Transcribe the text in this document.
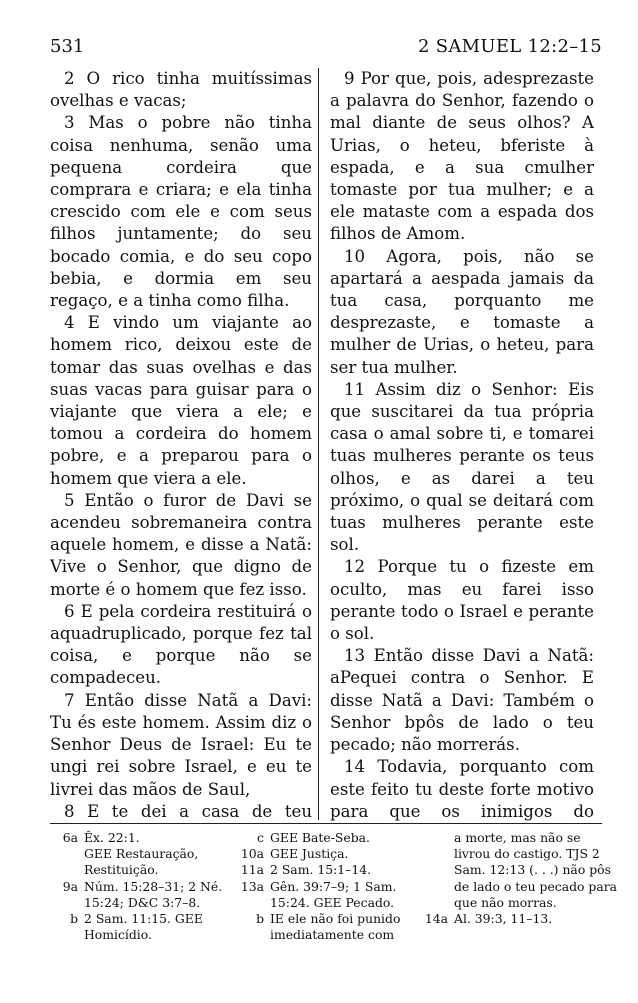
531	2 SAMUEL 12:2–15

2 O rico tinha muitíssimas ovelhas e vacas;

3 Mas o pobre não tinha coisa nenhuma, senão uma pequena cordeira que comprara e criara; e ela tinha crescido com ele e com seus filhos juntamente; do seu bocado comia, e do seu copo bebia, e dormia em seu regaço, e a tinha como filha.

4 E vindo um viajante ao homem rico, deixou este de tomar das suas ovelhas e das suas vacas para guisar para o viajante que viera a ele; e tomou a cordeira do homem pobre, e a preparou para o homem que viera a ele.

5 Então o furor de Davi se acendeu sobremaneira contra aquele homem, e disse a Natã: Vive o Senhor, que digno de morte é o homem que fez isso.

6 E pela cordeira restituirá o aquadruplicado, porque fez tal coisa, e porque não se compadeceu.

7 Então disse Natã a Davi: Tu és este homem. Assim diz o Senhor Deus de Israel: Eu te ungi rei sobre Israel, e eu te livrei das mãos de Saul,

8 E te dei a casa de teu

9 Por que, pois, adesprezaste a palavra do Senhor, fazendo o mal diante de seus olhos? A Urias, o heteu, bferiste à espada, e a sua cmulher tomaste por tua mulher; e a ele mataste com a espada dos filhos de Amom.

10 Agora, pois, não se apartará a aespada jamais da tua casa, porquanto me desprezaste, e tomaste a mulher de Urias, o heteu, para ser tua mulher.

11 Assim diz o Senhor: Eis que suscitarei da tua própria casa o amal sobre ti, e tomarei tuas mulheres perante os teus olhos, e as darei a teu próximo, o qual se deitará com tuas mulheres perante este sol.

12 Porque tu o fizeste em oculto, mas eu farei isso perante todo o Israel e perante o sol.

13 Então disse Davi a Natã: aPequei contra o Senhor. E disse Natã a Davi: Também o Senhor bpôs de lado o teu pecado; não morrerás.

14 Todavia, porquanto com este feito tu deste forte motivo para que os inimigos do

6a Êx. 22:1.
GEE Restauração, Restituição.
9a Núm. 15:28–31; 2 Né. 15:24; D&C 3:7–8.
b 2 Sam. 11:15. GEE Homicídio.
c GEE Bate-Seba.
10a GEE Justiça.
11a 2 Sam. 15:1–14.
13a Gên. 39:7–9; 1 Sam. 15:24. GEE Pecado.
b IE ele não foi punido imediatamente com
a morte, mas não se livrou do castigo. TJS 2 Sam. 12:13 (. . .) não pôs de lado o teu pecado para que não morras.
14a Al. 39:3, 11–13.
